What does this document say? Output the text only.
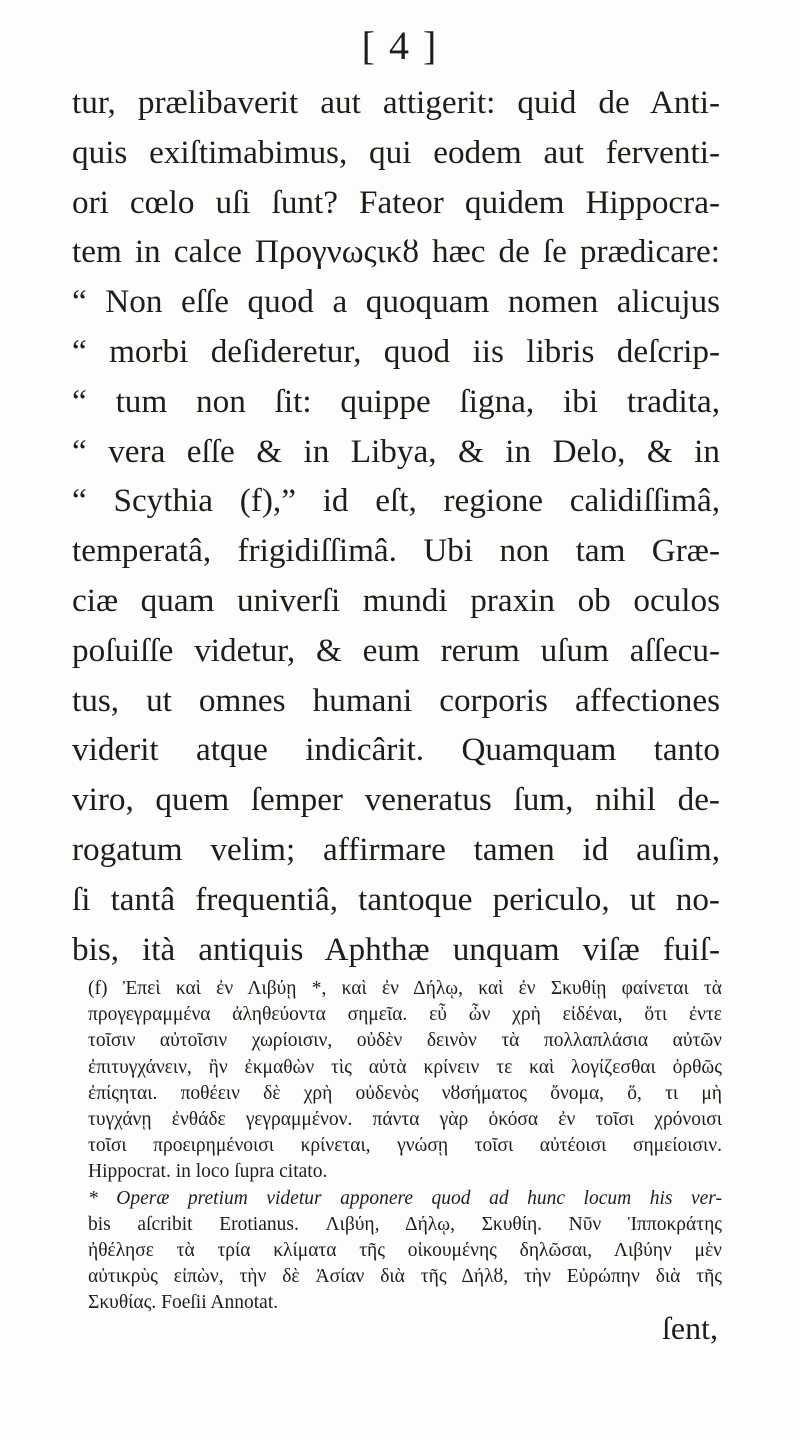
[ 4 ]
tur, prælibaverit aut attigerit: quid de Anti-
quis exiſtimabimus, qui eodem aut ferventi-
ori cœlo uſi ſunt? Fateor quidem Hippocra-
tem in calce Προγνωςικȣ hæc de ſe prædicare:
“ Non eſſe quod a quoquam nomen alicujus
“ morbi deſideretur, quod iis libris deſcrip-
“ tum non ſit: quippe ſigna, ibi tradita,
“ vera eſſe & in Libya, & in Delo, & in
“ Scythia (f),” id eſt, regione calidiſſimâ,
temperatâ, frigidiſſimâ. Ubi non tam Græ-
ciæ quam univerſi mundi praxin ob oculos
poſuiſſe videtur, & eum rerum uſum aſſecu-
tus, ut omnes humani corporis affectiones
viderit atque indicârit. Quamquam tanto
viro, quem ſemper veneratus ſum, nihil de-
rogatum velim; affirmare tamen id auſim,
ſi tantâ frequentiâ, tantoque periculo, ut no-
bis, ità antiquis Aphthæ unquam viſæ fuiſ-
(f) Ἐπεὶ καὶ ἐν Λιβύῃ *, καὶ ἐν Δήλῳ, καὶ ἐν Σκυθίῃ φαίνεται τὰ
προγεγραμμένα ἀληθεύοντα σημεῖα. εὖ ὦν χρὴ εἰδέναι, ὅτι ἐντε
τοῖσιν αὐτοῖσιν χωρίοισιν, οὐδὲν δεινὸν τὰ πολλαπλάσια αὐτῶν
ἐπιτυγχάνειν, ἢν ἐκμαθὼν τὶς αὐτὰ κρίνειν τε καὶ λογίζεσθαι ὀρθῶς
ἐπίςηται. ποθέειν δὲ χρὴ οὐδενὸς νȣσήματος ὄνομα, ὅ, τι μὴ
τυγχάνῃ ἐνθάδε γεγραμμένον. πάντα γὰρ ὁκόσα ἐν τοῖσι χρόνοισι
τοῖσι προειρημένοισι κρίνεται, γνώσῃ τοῖσι αὐτέοισι σημείοισιν.
Hippocrat. in loco ſupra citato.
* Operæ pretium videtur apponere quod ad hunc locum his ver-
bis aſcribit Erotianus. Λιβύη, Δήλῳ, Σκυθίη. Νῦν Ἱπποκράτης
ἠθέλησε τὰ τρία κλίματα τῆς οἰκουμένης δηλῶσαι, Λιβύην μὲν
αὐτικρὺς εἰπὼν, τὴν δὲ Ἀσίαν διὰ τῆς Δήλȣ, τὴν Εὐρώπην διὰ τῆς
Σκυθίας. Foeſii Annotat.
ſent,
